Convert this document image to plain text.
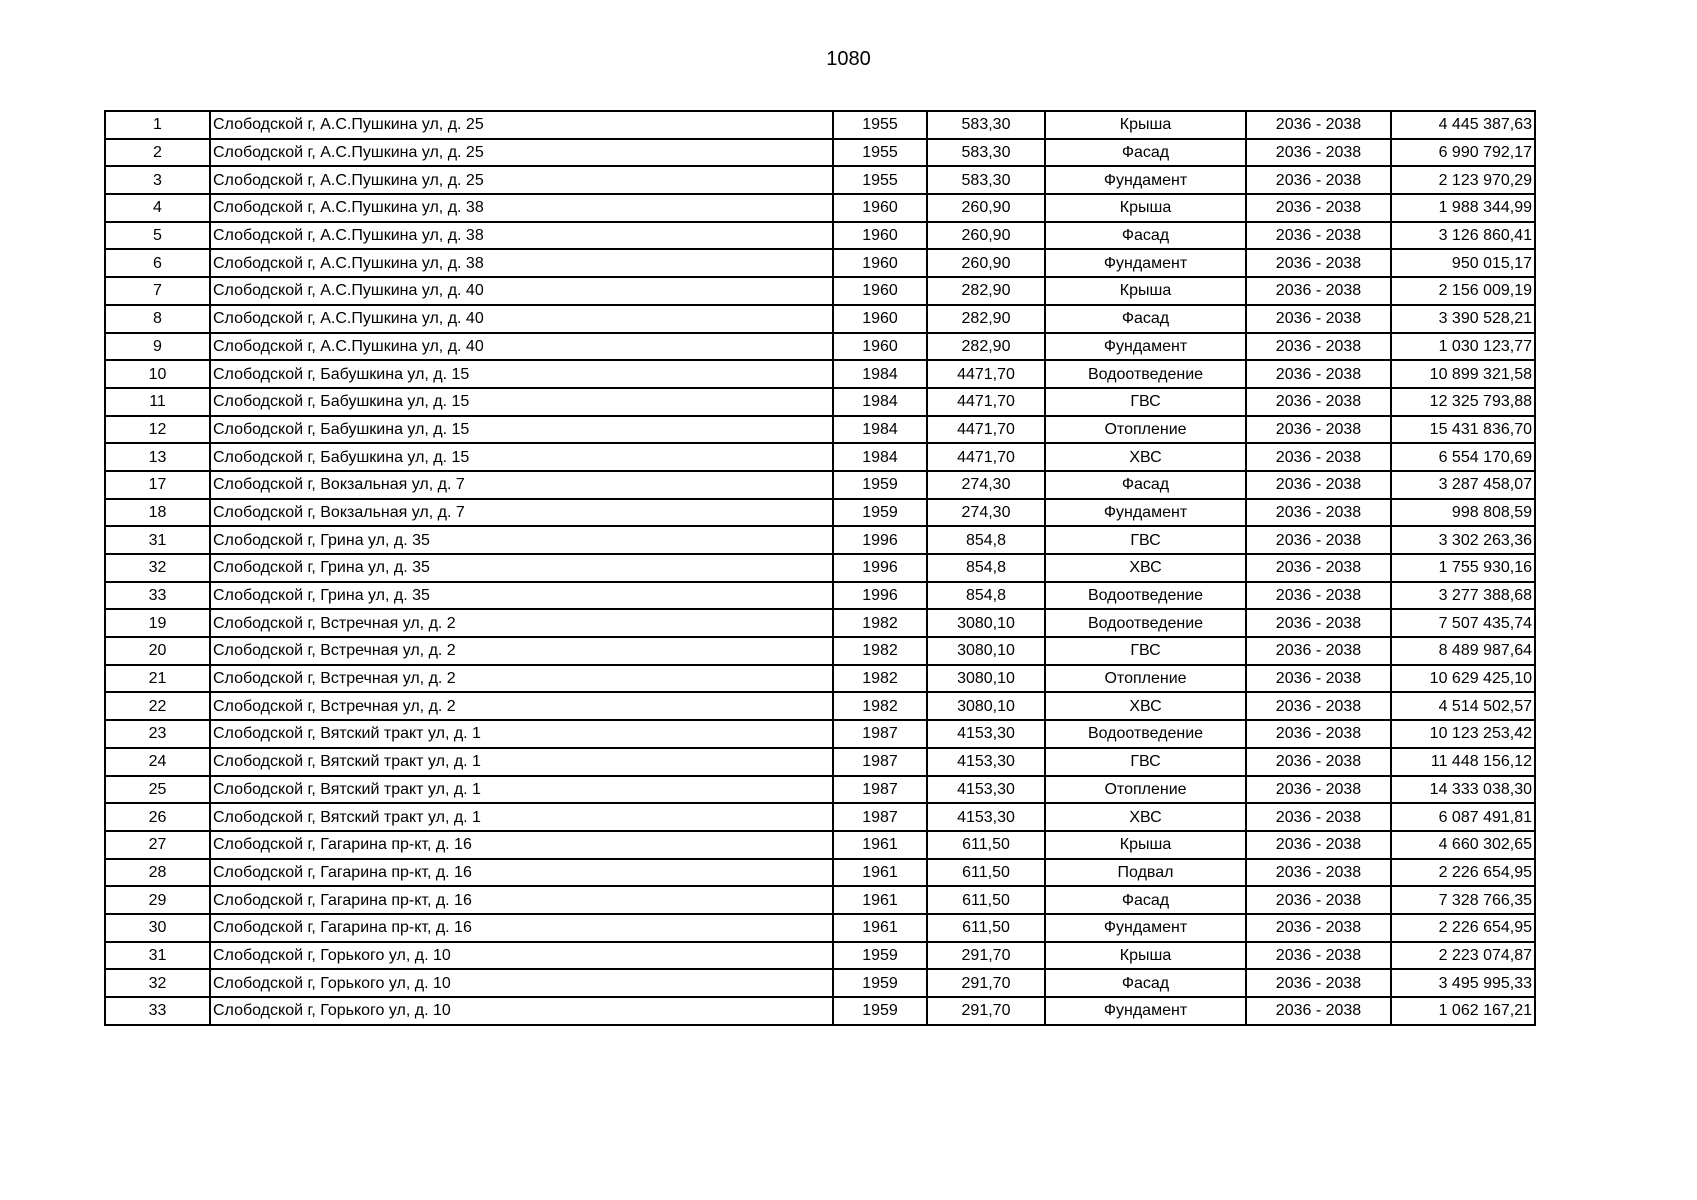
1080
1	Слободской г, А.С.Пушкина ул, д. 25	1955	583,30	Крыша	2036 - 2038	4 445 387,63
2	Слободской г, А.С.Пушкина ул, д. 25	1955	583,30	Фасад	2036 - 2038	6 990 792,17
3	Слободской г, А.С.Пушкина ул, д. 25	1955	583,30	Фундамент	2036 - 2038	2 123 970,29
4	Слободской г, А.С.Пушкина ул, д. 38	1960	260,90	Крыша	2036 - 2038	1 988 344,99
5	Слободской г, А.С.Пушкина ул, д. 38	1960	260,90	Фасад	2036 - 2038	3 126 860,41
6	Слободской г, А.С.Пушкина ул, д. 38	1960	260,90	Фундамент	2036 - 2038	950 015,17
7	Слободской г, А.С.Пушкина ул, д. 40	1960	282,90	Крыша	2036 - 2038	2 156 009,19
8	Слободской г, А.С.Пушкина ул, д. 40	1960	282,90	Фасад	2036 - 2038	3 390 528,21
9	Слободской г, А.С.Пушкина ул, д. 40	1960	282,90	Фундамент	2036 - 2038	1 030 123,77
10	Слободской г, Бабушкина ул, д. 15	1984	4471,70	Водоотведение	2036 - 2038	10 899 321,58
11	Слободской г, Бабушкина ул, д. 15	1984	4471,70	ГВС	2036 - 2038	12 325 793,88
12	Слободской г, Бабушкина ул, д. 15	1984	4471,70	Отопление	2036 - 2038	15 431 836,70
13	Слободской г, Бабушкина ул, д. 15	1984	4471,70	ХВС	2036 - 2038	6 554 170,69
17	Слободской г, Вокзальная ул, д. 7	1959	274,30	Фасад	2036 - 2038	3 287 458,07
18	Слободской г, Вокзальная ул, д. 7	1959	274,30	Фундамент	2036 - 2038	998 808,59
31	Слободской г, Грина ул, д. 35	1996	854,8	ГВС	2036 - 2038	3 302 263,36
32	Слободской г, Грина ул, д. 35	1996	854,8	ХВС	2036 - 2038	1 755 930,16
33	Слободской г, Грина ул, д. 35	1996	854,8	Водоотведение	2036 - 2038	3 277 388,68
19	Слободской г, Встречная ул, д. 2	1982	3080,10	Водоотведение	2036 - 2038	7 507 435,74
20	Слободской г, Встречная ул, д. 2	1982	3080,10	ГВС	2036 - 2038	8 489 987,64
21	Слободской г, Встречная ул, д. 2	1982	3080,10	Отопление	2036 - 2038	10 629 425,10
22	Слободской г, Встречная ул, д. 2	1982	3080,10	ХВС	2036 - 2038	4 514 502,57
23	Слободской г, Вятский тракт ул, д. 1	1987	4153,30	Водоотведение	2036 - 2038	10 123 253,42
24	Слободской г, Вятский тракт ул, д. 1	1987	4153,30	ГВС	2036 - 2038	11 448 156,12
25	Слободской г, Вятский тракт ул, д. 1	1987	4153,30	Отопление	2036 - 2038	14 333 038,30
26	Слободской г, Вятский тракт ул, д. 1	1987	4153,30	ХВС	2036 - 2038	6 087 491,81
27	Слободской г, Гагарина пр-кт, д. 16	1961	611,50	Крыша	2036 - 2038	4 660 302,65
28	Слободской г, Гагарина пр-кт, д. 16	1961	611,50	Подвал	2036 - 2038	2 226 654,95
29	Слободской г, Гагарина пр-кт, д. 16	1961	611,50	Фасад	2036 - 2038	7 328 766,35
30	Слободской г, Гагарина пр-кт, д. 16	1961	611,50	Фундамент	2036 - 2038	2 226 654,95
31	Слободской г, Горького ул, д. 10	1959	291,70	Крыша	2036 - 2038	2 223 074,87
32	Слободской г, Горького ул, д. 10	1959	291,70	Фасад	2036 - 2038	3 495 995,33
33	Слободской г, Горького ул, д. 10	1959	291,70	Фундамент	2036 - 2038	1 062 167,21
